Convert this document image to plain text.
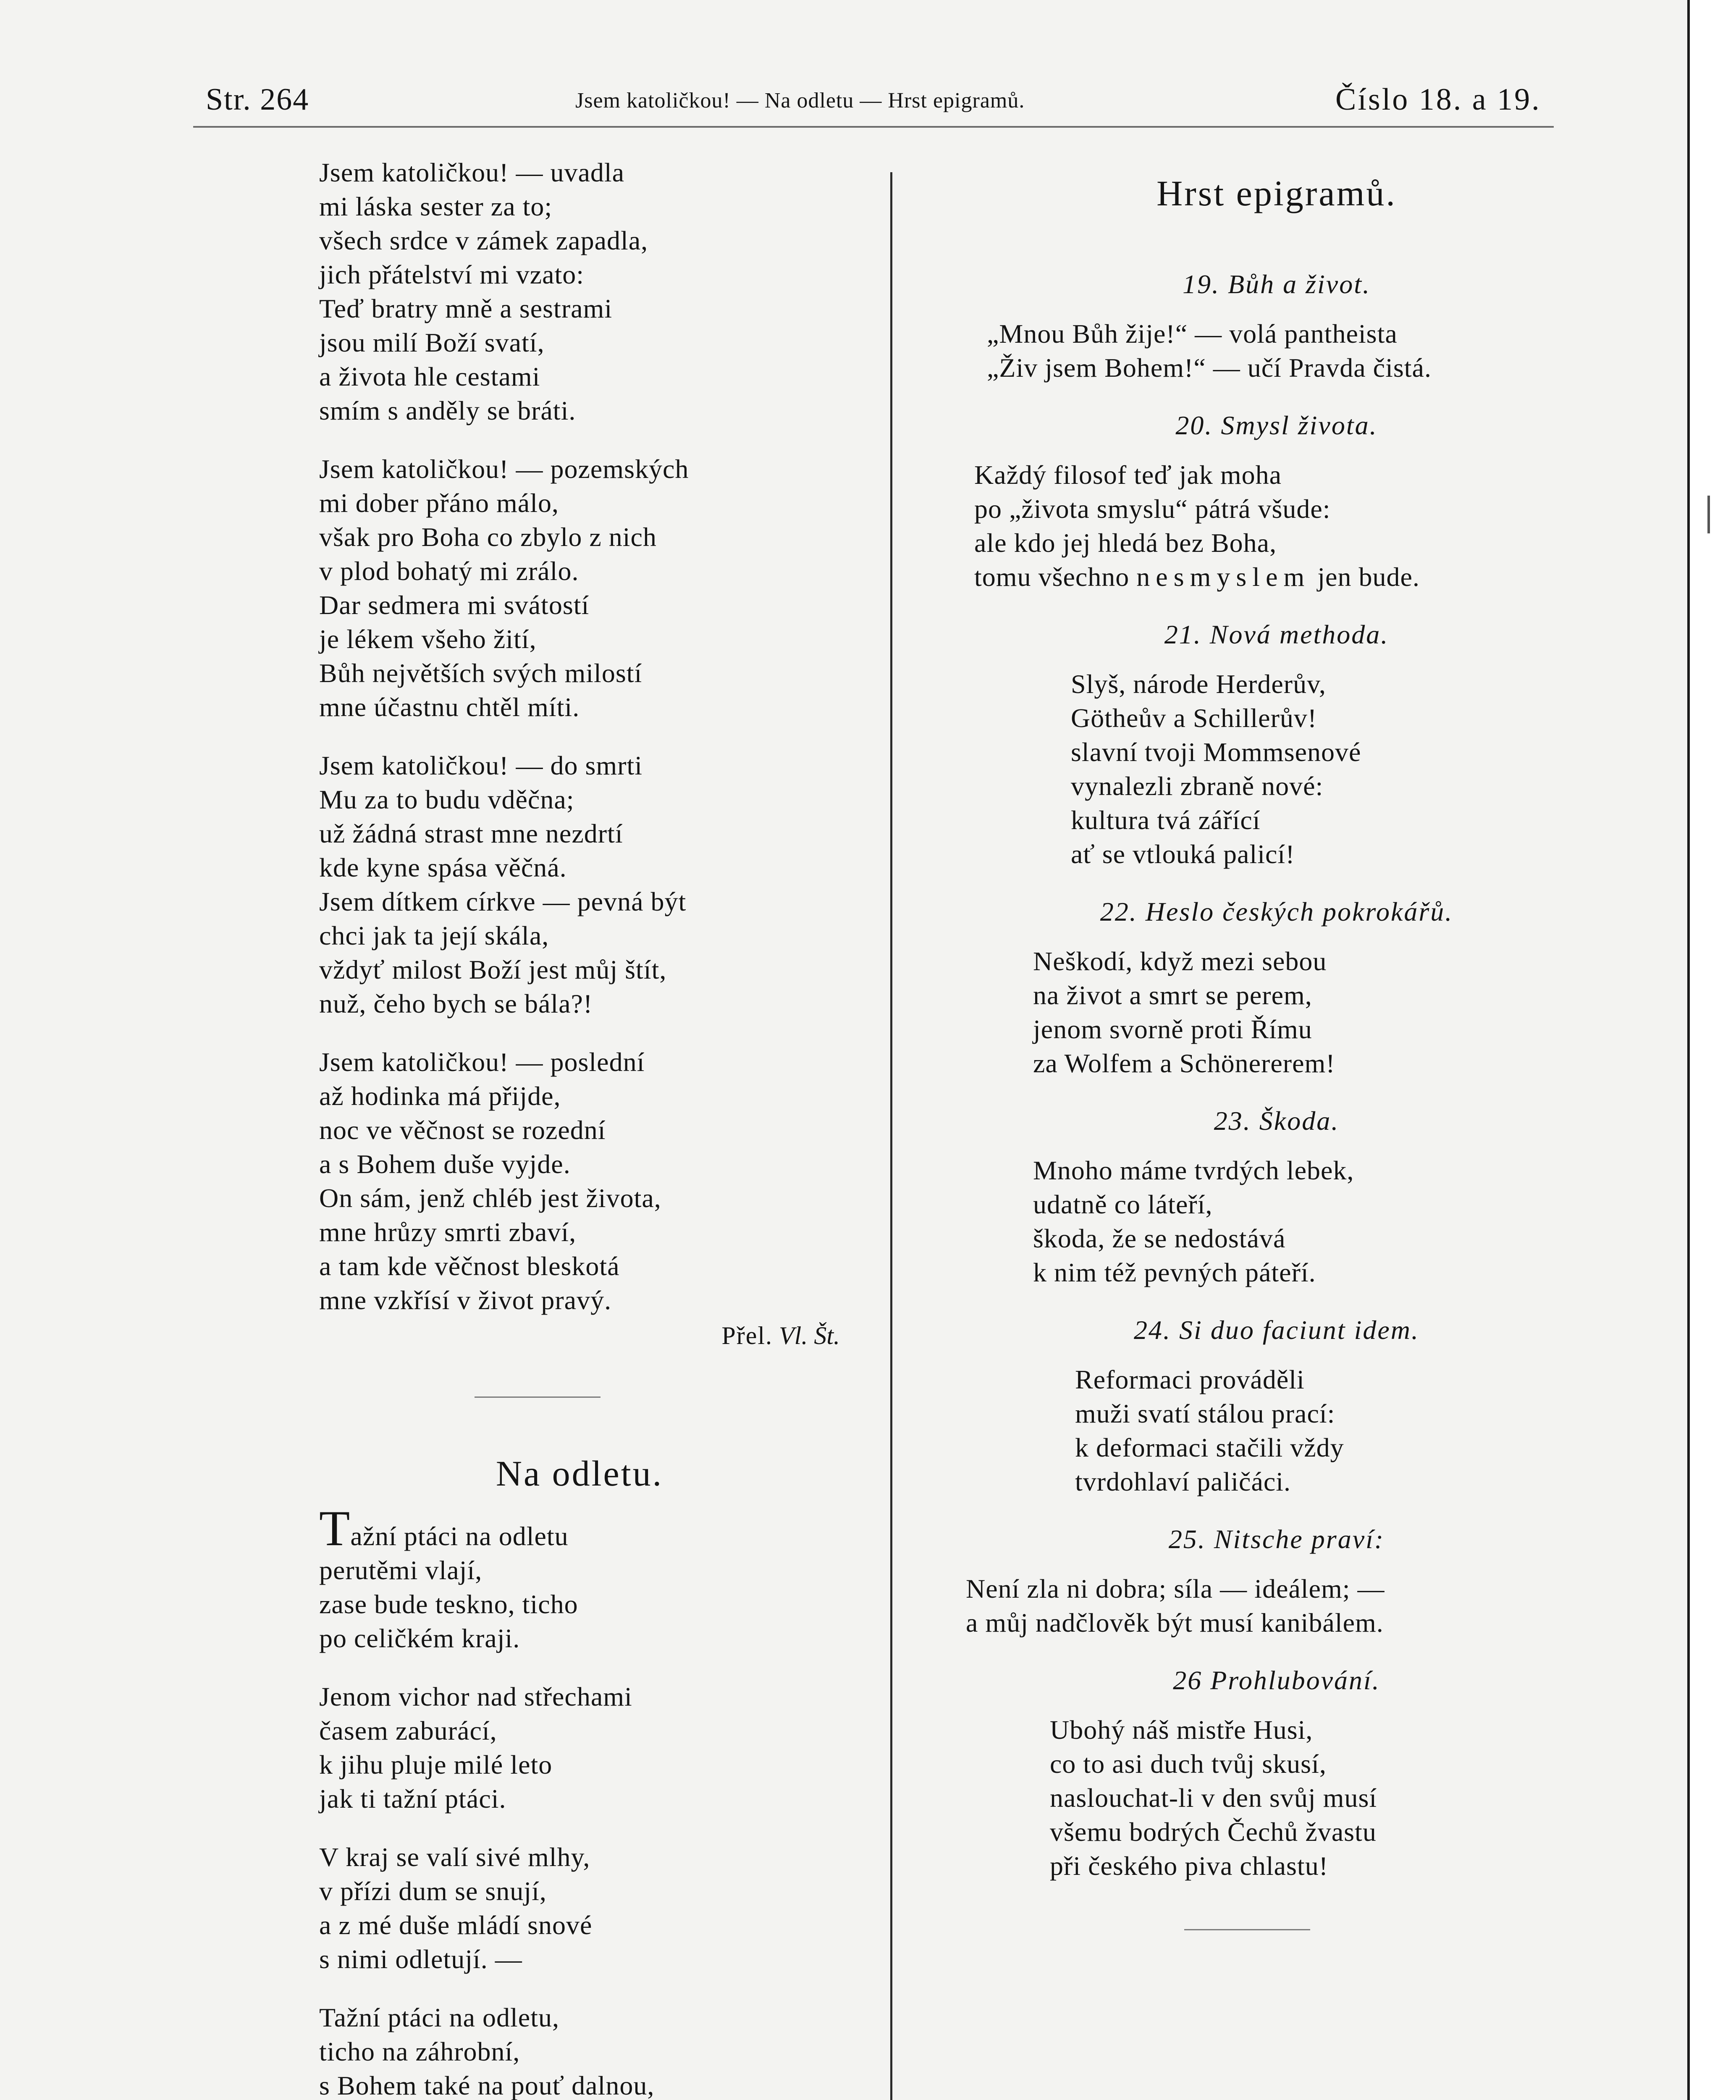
Str. 264	Jsem katoličkou! — Na odletu — Hrst epigramů.	Číslo 18. a 19.
Jsem katoličkou! — uvadla
mi láska sester za to;
všech srdce v zámek zapadla,
jich přátelství mi vzato:
Teď bratry mně a sestrami
jsou milí Boží svatí,
a života hle cestami
smím s anděly se bráti.
Jsem katoličkou! — pozemských
mi dober přáno málo,
však pro Boha co zbylo z nich
v plod bohatý mi zrálo.
Dar sedmera mi svátostí
je lékem všeho žití,
Bůh největších svých milostí
mne účastnu chtěl míti.
Jsem katoličkou! — do smrti
Mu za to budu vděčna;
už žádná strast mne nezdrtí
kde kyne spása věčná.
Jsem dítkem církve — pevná být
chci jak ta její skála,
vždyť milost Boží jest můj štít,
nuž, čeho bych se bála?!
Jsem katoličkou! — poslední
až hodinka má přijde,
noc ve věčnost se rozední
a s Bohem duše vyjde.
On sám, jenž chléb jest života,
mne hrůzy smrti zbaví,
a tam kde věčnost bleskotá
mne vzkřísí v život pravý.
Přel. Vl. Št.
Na odletu.
Tažní ptáci na odletu
perutěmi vlají,
zase bude teskno, ticho
po celičkém kraji.
Jenom vichor nad střechami
časem zaburácí,
k jihu pluje milé leto
jak ti tažní ptáci.
V kraj se valí sivé mlhy,
v přízi dum se snují,
a z mé duše mládí snové
s nimi odletují. —
Tažní ptáci na odletu,
ticho na záhrobní,
s Bohem také na pouť dalnou,
Hrst epigramů.
19. Bůh a život.
„Mnou Bůh žije!“ — volá pantheista
„Živ jsem Bohem!“ — učí Pravda čistá.
20. Smysl života.
Každý filosof teď jak moha
po „života smyslu“ pátrá všude:
ale kdo jej hledá bez Boha,
tomu všechno nesmyslem jen bude.
21. Nová methoda.
Slyš, národe Herderův,
Götheův a Schillerův!
slavní tvoji Mommsenové
vynalezli zbraně nové:
kultura tvá zářící
ať se vtlouká palicí!
22. Heslo českých pokrokářů.
Neškodí, když mezi sebou
na život a smrt se perem,
jenom svorně proti Římu
za Wolfem a Schönererem!
23. Škoda.
Mnoho máme tvrdých lebek,
udatně co láteří,
škoda, že se nedostává
k nim též pevných páteří.
24. Si duo faciunt idem.
Reformaci prováděli
muži svatí stálou prací:
k deformaci stačili vždy
tvrdohlaví paličáci.
25. Nitsche praví:
Není zla ni dobra; síla — ideálem; —
a můj nadčlověk být musí kanibálem.
26 Prohlubování.
Ubohý náš mistře Husi,
co to asi duch tvůj skusí,
naslouchat-li v den svůj musí
všemu bodrých Čechů žvastu
při českého piva chlastu!
